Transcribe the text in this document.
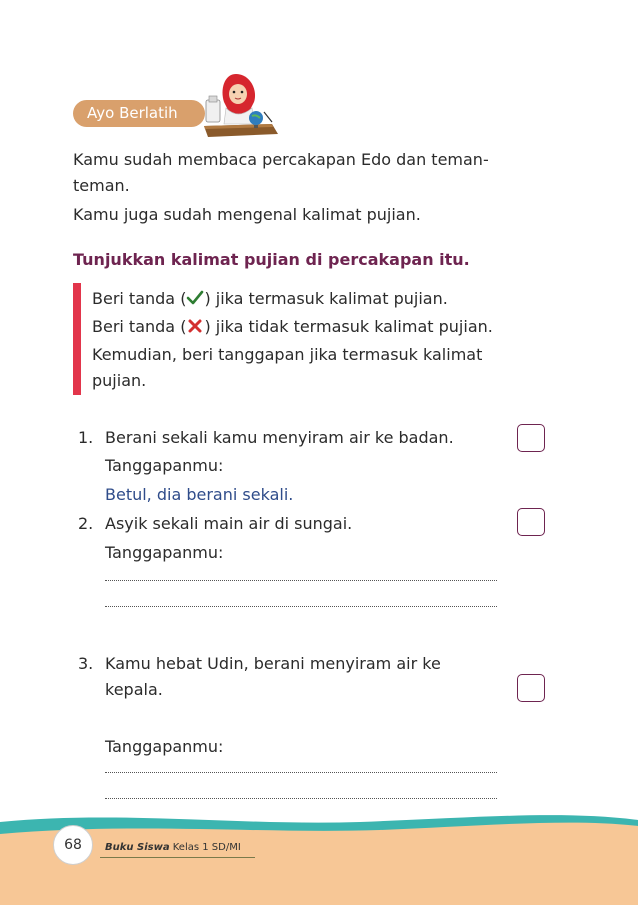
Ayo Berlatih

Kamu sudah membaca percakapan Edo dan teman-

teman.

Kamu juga sudah mengenal kalimat pujian.

Tunjukkan kalimat pujian di percakapan itu.
Beri tanda ( ) jika termasuk kalimat pujian.
Beri tanda ( ) jika tidak termasuk kalimat pujian.
Kemudian, beri tanggapan jika termasuk kalimat
pujian.
1. Berani sekali kamu menyiram air ke badan.
Tanggapanmu:
Betul, dia berani sekali.
2. Asyik sekali main air di sungai.
Tanggapanmu:
3. Kamu hebat Udin, berani menyiram air ke
kepala.
Tanggapanmu:
68	Buku Siswa Kelas 1 SD/MI
